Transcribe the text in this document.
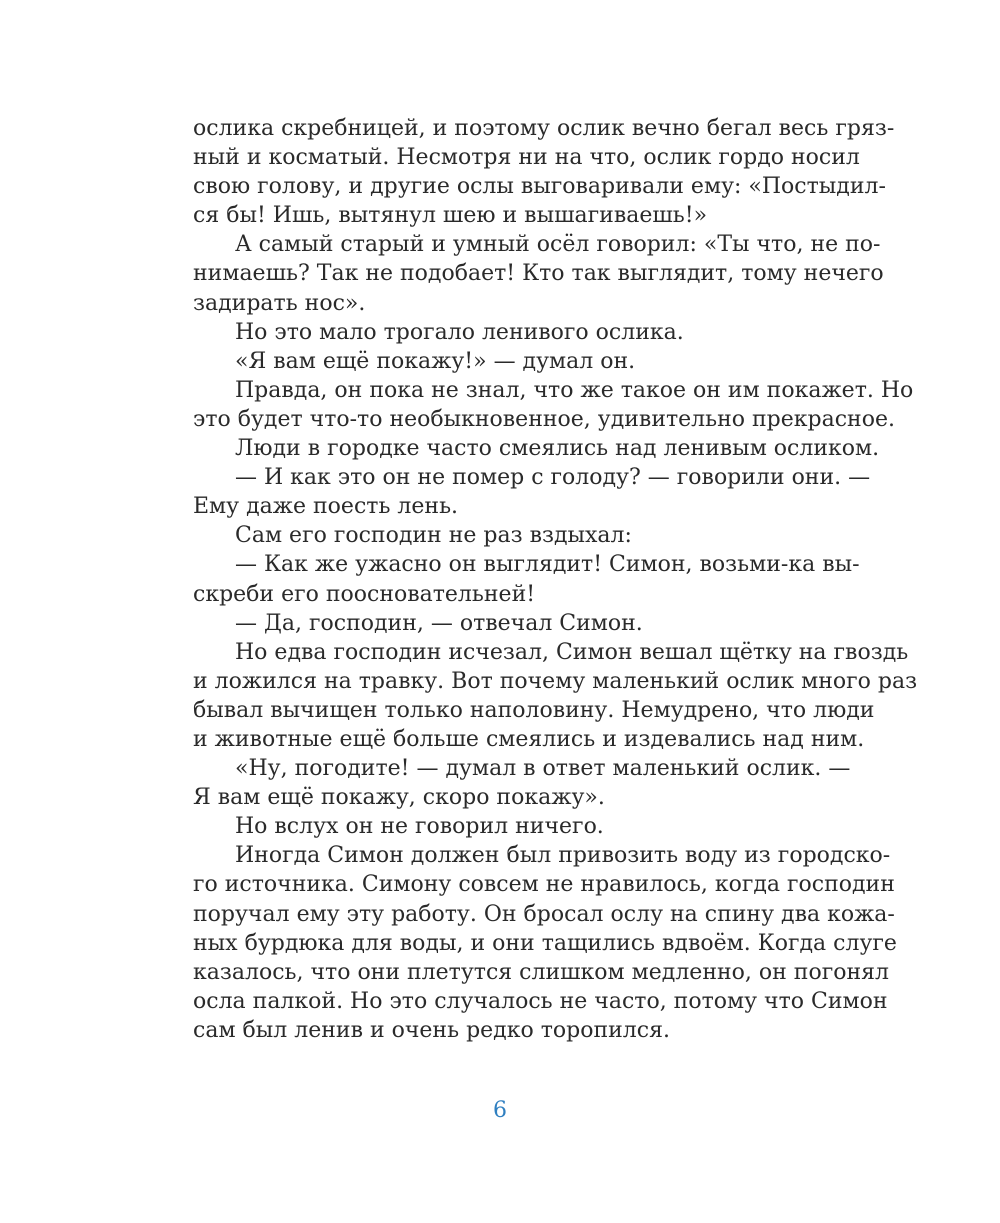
ослика скребницей, и поэтому ослик вечно бегал весь гряз-
ный и косматый. Несмотря ни на что, ослик гордо носил
свою голову, и другие ослы выговаривали ему: «Постыдил-
ся бы! Ишь, вытянул шею и вышагиваешь!»
А самый старый и умный осёл говорил: «Ты что, не по-
нимаешь? Так не подобает! Кто так выглядит, тому нечего
задирать нос».
Но это мало трогало ленивого ослика.
«Я вам ещё покажу!» — думал он.
Правда, он пока не знал, что же такое он им покажет. Но
это будет что-то необыкновенное, удивительно прекрасное.
Люди в городке часто смеялись над ленивым осликом.
— И как это он не помер с голоду? — говорили они. —
Ему даже поесть лень.
Сам его господин не раз вздыхал:
— Как же ужасно он выглядит! Симон, возьми-ка вы-
скреби его поосновательней!
— Да, господин, — отвечал Симон.
Но едва господин исчезал, Симон вешал щётку на гвоздь
и ложился на травку. Вот почему маленький ослик много раз
бывал вычищен только наполовину. Немудрено, что люди
и животные ещё больше смеялись и издевались над ним.
«Ну, погодите! — думал в ответ маленький ослик. —
Я вам ещё покажу, скоро покажу».
Но вслух он не говорил ничего.
Иногда Симон должен был привозить воду из городско-
го источника. Симону совсем не нравилось, когда господин
поручал ему эту работу. Он бросал ослу на спину два кожа-
ных бурдюка для воды, и они тащились вдвоём. Когда слуге
казалось, что они плетутся слишком медленно, он погонял
осла палкой. Но это случалось не часто, потому что Симон
сам был ленив и очень редко торопился.
6
